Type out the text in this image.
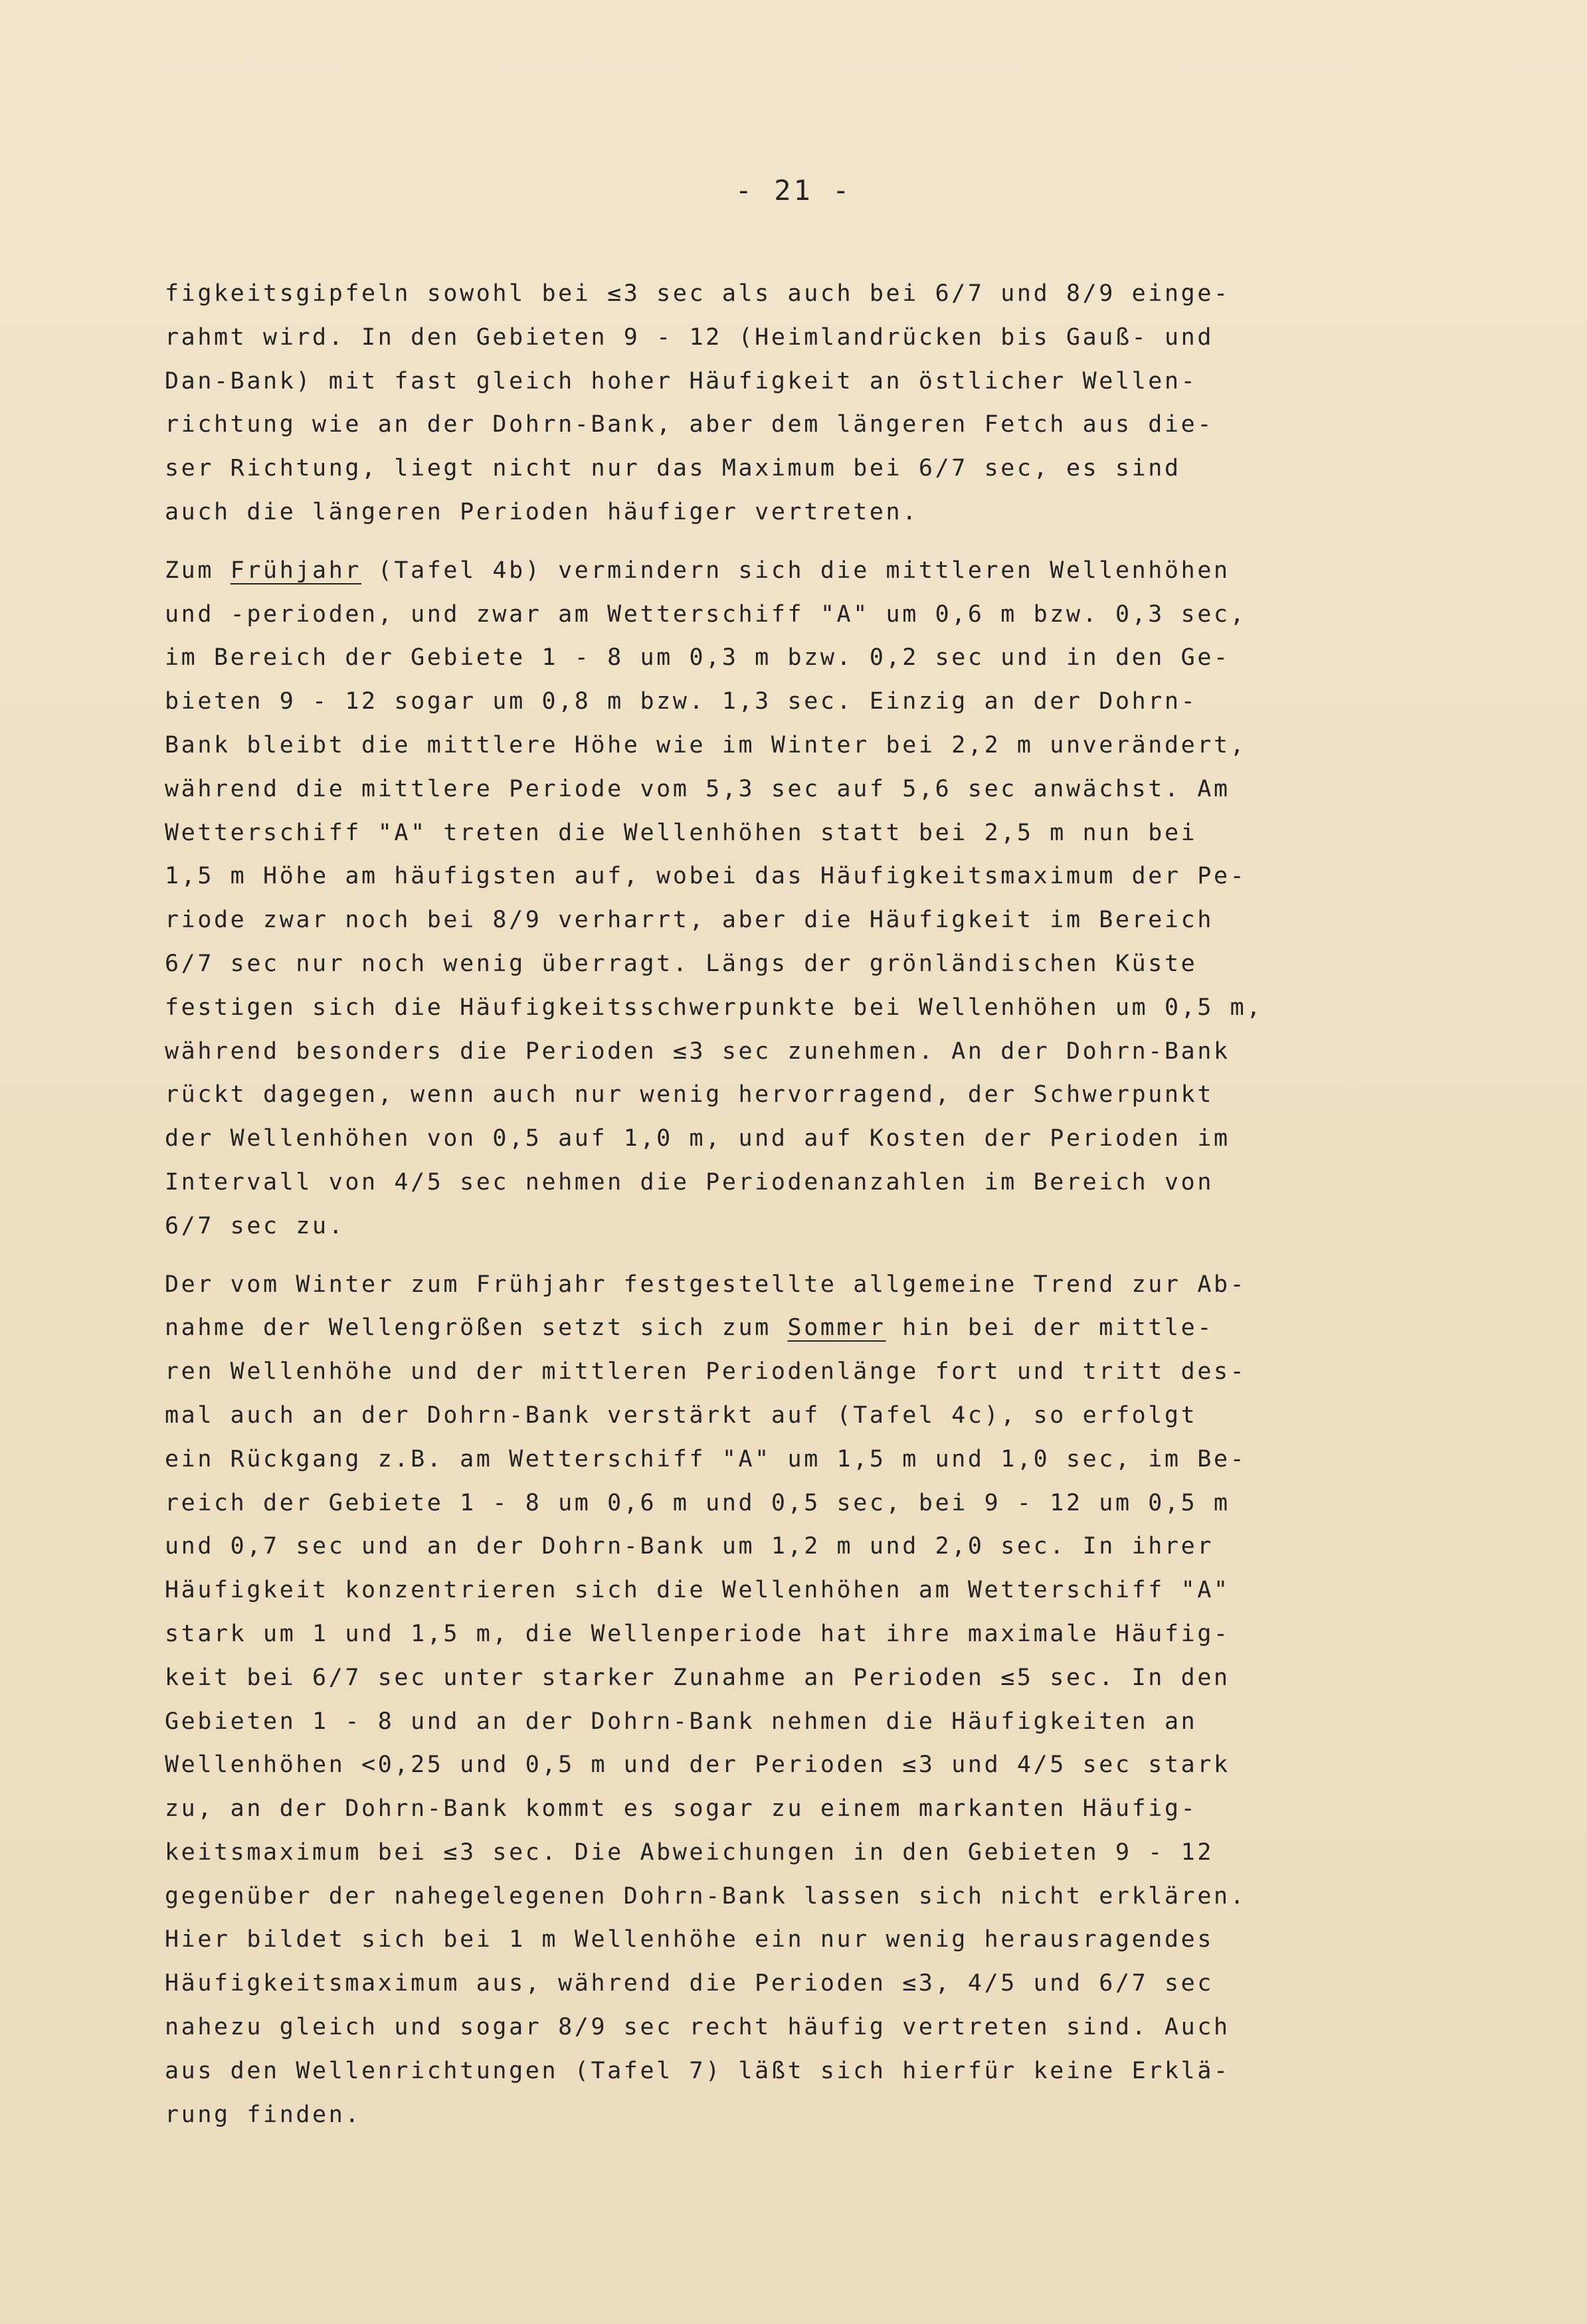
- 21 -
figkeitsgipfeln sowohl bei ≤3 sec als auch bei 6/7 und 8/9 einge-
rahmt wird. In den Gebieten 9 - 12 (Heimlandrücken bis Gauß- und
Dan-Bank) mit fast gleich hoher Häufigkeit an östlicher Wellen-
richtung wie an der Dohrn-Bank, aber dem längeren Fetch aus die-
ser Richtung, liegt nicht nur das Maximum bei 6/7 sec, es sind
auch die längeren Perioden häufiger vertreten.
Zum Frühjahr (Tafel 4b) vermindern sich die mittleren Wellenhöhen
und -perioden, und zwar am Wetterschiff "A" um 0,6 m bzw. 0,3 sec,
im Bereich der Gebiete 1 - 8 um 0,3 m bzw. 0,2 sec und in den Ge-
bieten 9 - 12 sogar um 0,8 m bzw. 1,3 sec. Einzig an der Dohrn-
Bank bleibt die mittlere Höhe wie im Winter bei 2,2 m unverändert,
während die mittlere Periode vom 5,3 sec auf 5,6 sec anwächst. Am
Wetterschiff "A" treten die Wellenhöhen statt bei 2,5 m nun bei
1,5 m Höhe am häufigsten auf, wobei das Häufigkeitsmaximum der Pe-
riode zwar noch bei 8/9 verharrt, aber die Häufigkeit im Bereich
6/7 sec nur noch wenig überragt. Längs der grönländischen Küste
festigen sich die Häufigkeitsschwerpunkte bei Wellenhöhen um 0,5 m,
während besonders die Perioden ≤3 sec zunehmen. An der Dohrn-Bank
rückt dagegen, wenn auch nur wenig hervorragend, der Schwerpunkt
der Wellenhöhen von 0,5 auf 1,0 m, und auf Kosten der Perioden im
Intervall von 4/5 sec nehmen die Periodenanzahlen im Bereich von
6/7 sec zu.
Der vom Winter zum Frühjahr festgestellte allgemeine Trend zur Ab-
nahme der Wellengrößen setzt sich zum Sommer hin bei der mittle-
ren Wellenhöhe und der mittleren Periodenlänge fort und tritt des-
mal auch an der Dohrn-Bank verstärkt auf (Tafel 4c), so erfolgt
ein Rückgang z.B. am Wetterschiff "A" um 1,5 m und 1,0 sec, im Be-
reich der Gebiete 1 - 8 um 0,6 m und 0,5 sec, bei 9 - 12 um 0,5 m
und 0,7 sec und an der Dohrn-Bank um 1,2 m und 2,0 sec. In ihrer
Häufigkeit konzentrieren sich die Wellenhöhen am Wetterschiff "A"
stark um 1 und 1,5 m, die Wellenperiode hat ihre maximale Häufig-
keit bei 6/7 sec unter starker Zunahme an Perioden ≤5 sec. In den
Gebieten 1 - 8 und an der Dohrn-Bank nehmen die Häufigkeiten an
Wellenhöhen <0,25 und 0,5 m und der Perioden ≤3 und 4/5 sec stark
zu, an der Dohrn-Bank kommt es sogar zu einem markanten Häufig-
keitsmaximum bei ≤3 sec. Die Abweichungen in den Gebieten 9 - 12
gegenüber der nahegelegenen Dohrn-Bank lassen sich nicht erklären.
Hier bildet sich bei 1 m Wellenhöhe ein nur wenig herausragendes
Häufigkeitsmaximum aus, während die Perioden ≤3, 4/5 und 6/7 sec
nahezu gleich und sogar 8/9 sec recht häufig vertreten sind. Auch
aus den Wellenrichtungen (Tafel 7) läßt sich hierfür keine Erklä-
rung finden.
